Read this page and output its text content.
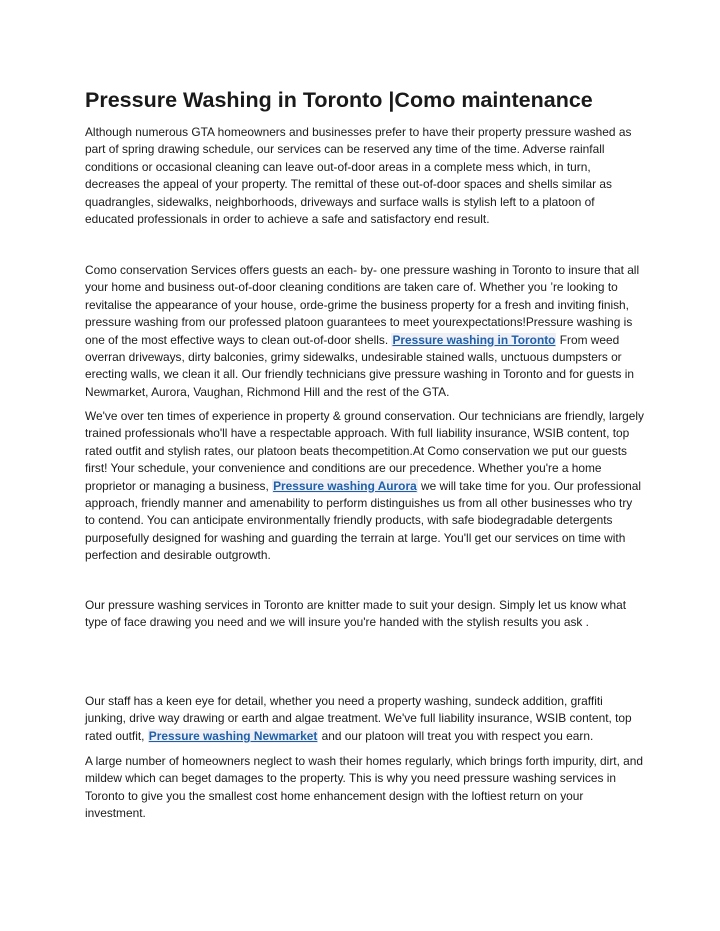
Pressure Washing in Toronto |Como maintenance

Although numerous GTA homeowners and businesses prefer to have their property pressure washed as part of spring drawing schedule, our services can be reserved any time of the time. Adverse rainfall conditions or occasional cleaning can leave out-of-door areas in a complete mess which, in turn, decreases the appeal of your property. The remittal of these out-of-door spaces and shells similar as quadrangles, sidewalks, neighborhoods, driveways and surface walls is stylish left to a platoon of educated professionals in order to achieve a safe and satisfactory end result.

Como conservation Services offers guests an each- by- one pressure washing in Toronto to insure that all your home and business out-of-door cleaning conditions are taken care of. Whether you ’re looking to revitalise the appearance of your house, orde-grime the business property for a fresh and inviting finish, pressure washing from our professed platoon guarantees to meet yourexpectations!Pressure washing is one of the most effective ways to clean out-of-door shells. Pressure washing in Toronto From weed overran driveways, dirty balconies, grimy sidewalks, undesirable stained walls, unctuous dumpsters or erecting walls, we clean it all. Our friendly technicians give pressure washing in Toronto and for guests in Newmarket, Aurora, Vaughan, Richmond Hill and the rest of the GTA.

We've over ten times of experience in property & ground conservation. Our technicians are friendly, largely trained professionals who'll have a respectable approach. With full liability insurance, WSIB content, top rated outfit and stylish rates, our platoon beats thecompetition.At Como conservation we put our guests first! Your schedule, your convenience and conditions are our precedence. Whether you're a home proprietor or managing a business, Pressure washing Aurora we will take time for you. Our professional approach, friendly manner and amenability to perform distinguishes us from all other businesses who try to contend. You can anticipate environmentally friendly products, with safe biodegradable detergents purposefully designed for washing and guarding the terrain at large. You'll get our services on time with perfection and desirable outgrowth.

Our pressure washing services in Toronto are knitter made to suit your design. Simply let us know what type of face drawing you need and we will insure you're handed with the stylish results you ask .

Our staff has a keen eye for detail, whether you need a property washing, sundeck addition, graffiti junking, drive way drawing or earth and algae treatment. We've full liability insurance, WSIB content, top rated outfit, Pressure washing Newmarket and our platoon will treat you with respect you earn.

A large number of homeowners neglect to wash their homes regularly, which brings forth impurity, dirt, and mildew which can beget damages to the property. This is why you need pressure washing services in Toronto to give you the smallest cost home enhancement design with the loftiest return on your investment.
